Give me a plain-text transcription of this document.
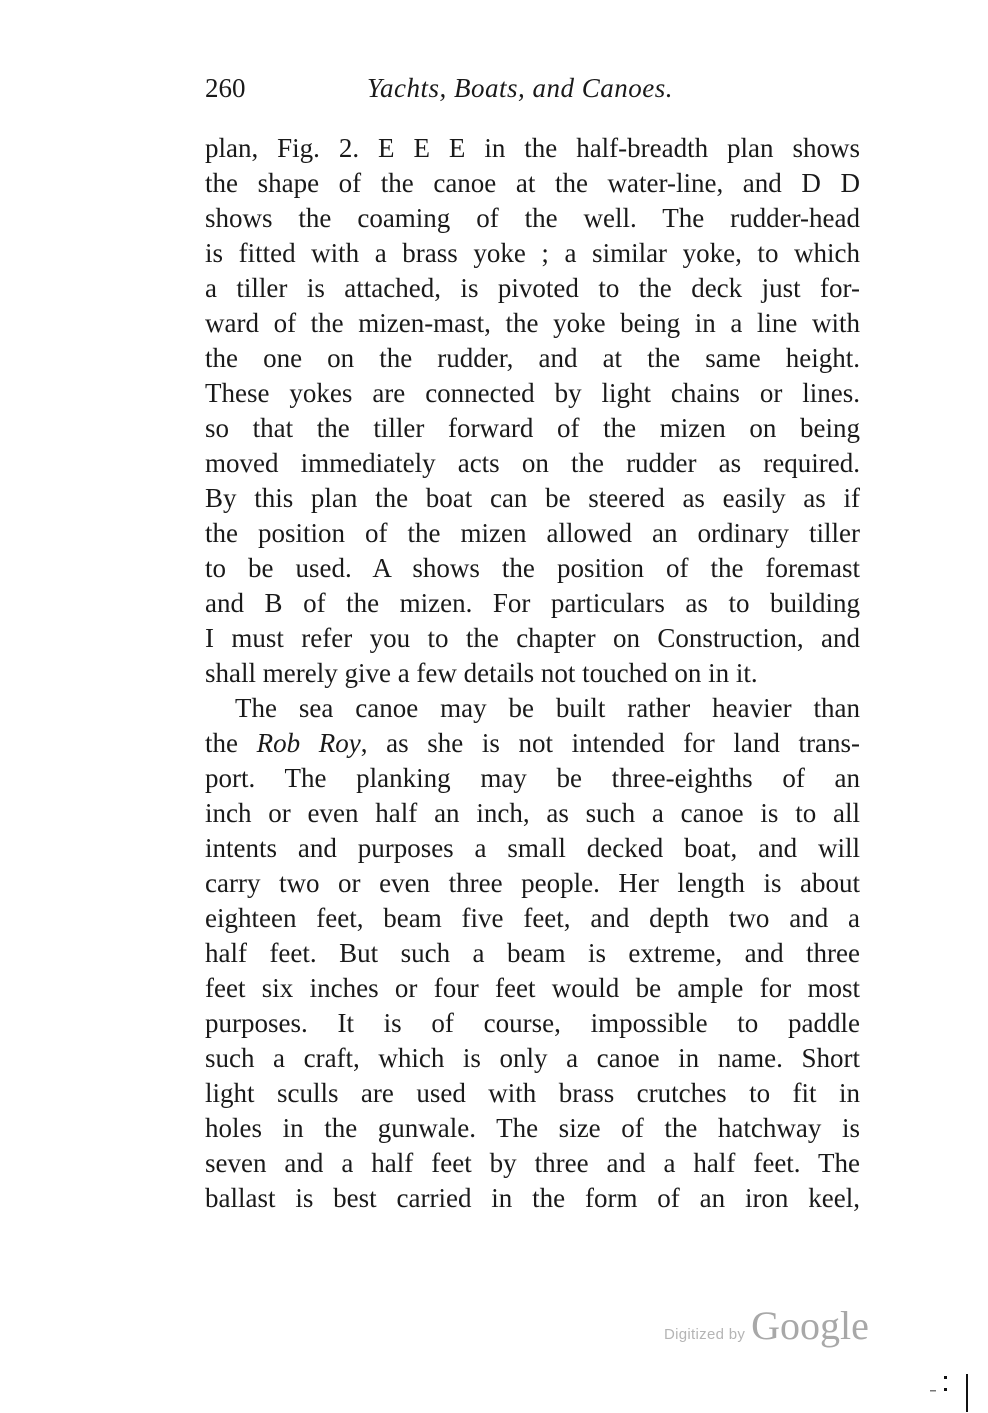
260	Yachts, Boats, and Canoes.
plan, Fig. 2. E E E in the half-breadth plan shows
the shape of the canoe at the water-line, and D D
shows the coaming of the well. The rudder-head
is fitted with a brass yoke ; a similar yoke, to which
a tiller is attached, is pivoted to the deck just for-
ward of the mizen-mast, the yoke being in a line with
the one on the rudder, and at the same height.
These yokes are connected by light chains or lines.
so that the tiller forward of the mizen on being
moved immediately acts on the rudder as required.
By this plan the boat can be steered as easily as if
the position of the mizen allowed an ordinary tiller
to be used. A shows the position of the foremast
and B of the mizen. For particulars as to building
I must refer you to the chapter on Construction, and
shall merely give a few details not touched on in it.
The sea canoe may be built rather heavier than
the Rob Roy, as she is not intended for land trans-
port. The planking may be three-eighths of an
inch or even half an inch, as such a canoe is to all
intents and purposes a small decked boat, and will
carry two or even three people. Her length is about
eighteen feet, beam five feet, and depth two and a
half feet. But such a beam is extreme, and three
feet six inches or four feet would be ample for most
purposes. It is of course, impossible to paddle
such a craft, which is only a canoe in name. Short
light sculls are used with brass crutches to fit in
holes in the gunwale. The size of the hatchway is
seven and a half feet by three and a half feet. The
ballast is best carried in the form of an iron keel,
Digitized by Google
